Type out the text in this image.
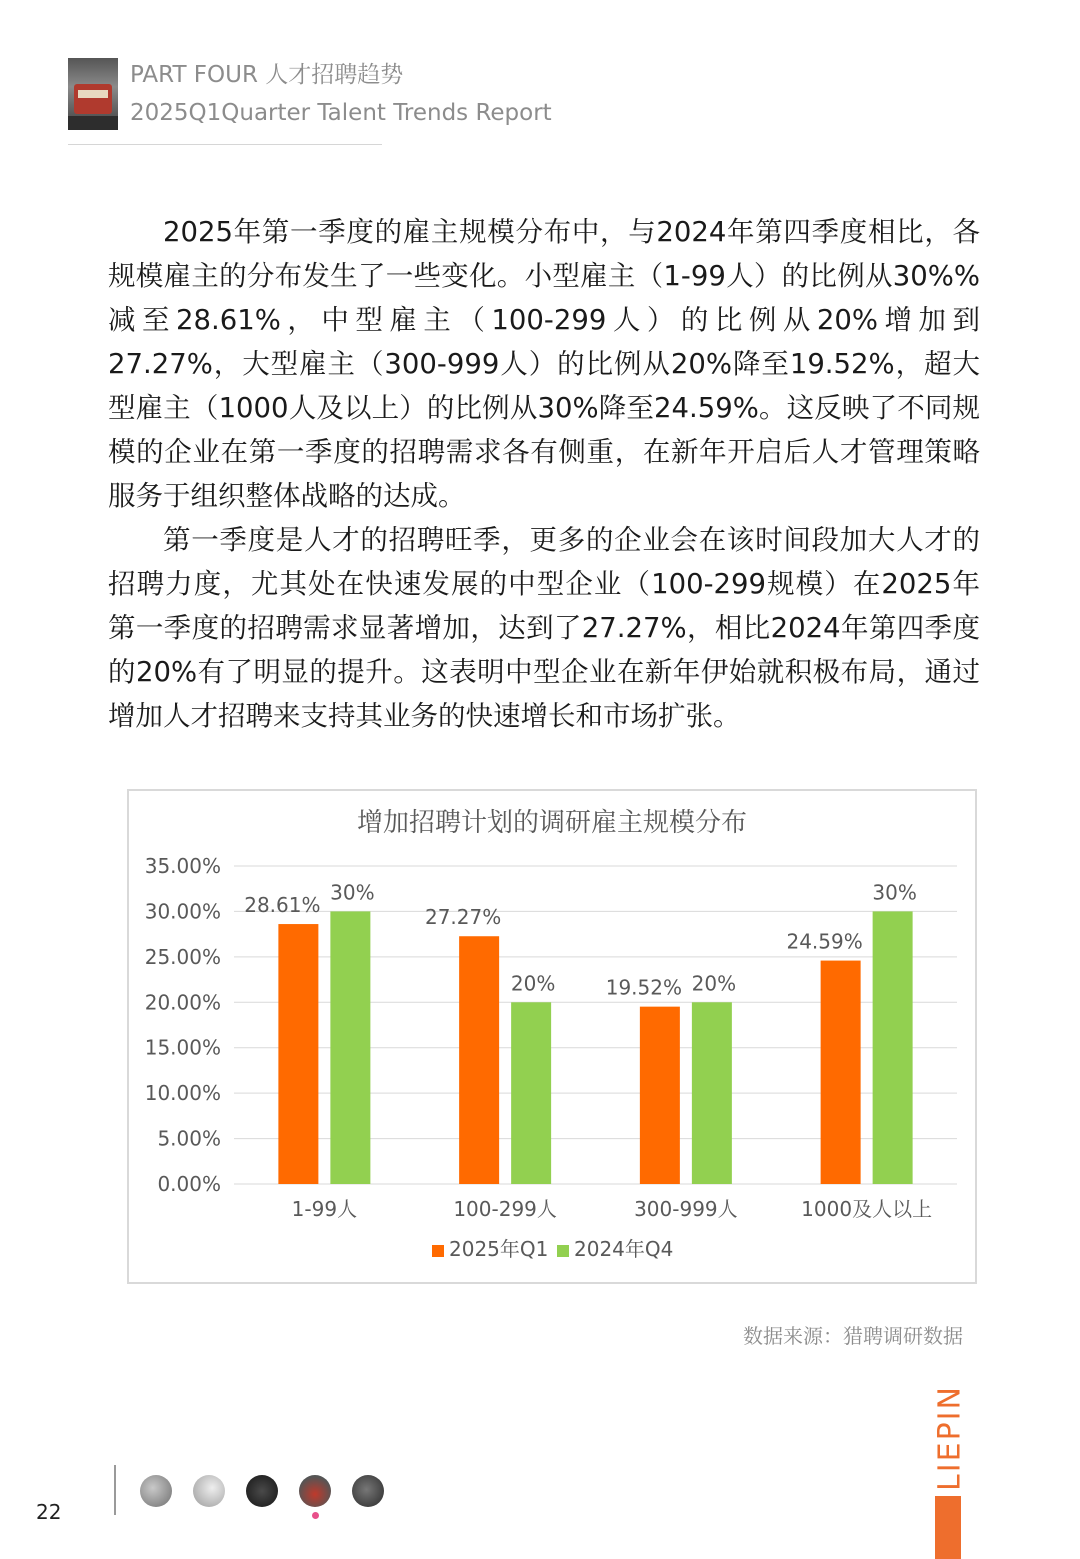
PART FOUR 人才招聘趋势
2025Q1Quarter Talent Trends Report

2025年第一季度的雇主规模分布中，与2024年第四季度相比，各规模雇主的分布发生了一些变化。小型雇主（1-99人）的比例从30%%减至28.61%，中型雇主（100-299人）的比例从20%增加到27.27%，大型雇主（300-999人）的比例从20%降至19.52%，超大型雇主（1000人及以上）的比例从30%降至24.59%。这反映了不同规模的企业在第一季度的招聘需求各有侧重，在新年开启后人才管理策略服务于组织整体战略的达成。

第一季度是人才的招聘旺季，更多的企业会在该时间段加大人才的招聘力度，尤其处在快速发展的中型企业（100-299规模）在2025年第一季度的招聘需求显著增加，达到了27.27%，相比2024年第四季度的20%有了明显的提升。这表明中型企业在新年伊始就积极布局，通过增加人才招聘来支持其业务的快速增长和市场扩张。

增加招聘计划的调研雇主规模分布
0.00%
5.00%
10.00%
15.00%
20.00%
25.00%
30.00%
35.00%
1-99人
28.61%
30%
100-299人
27.27%
20%
300-999人
19.52% 20%
1000及人以上
24.59%
30%
2025年Q1 2024年Q4
数据来源：猎聘调研数据
LIEPIN
22
